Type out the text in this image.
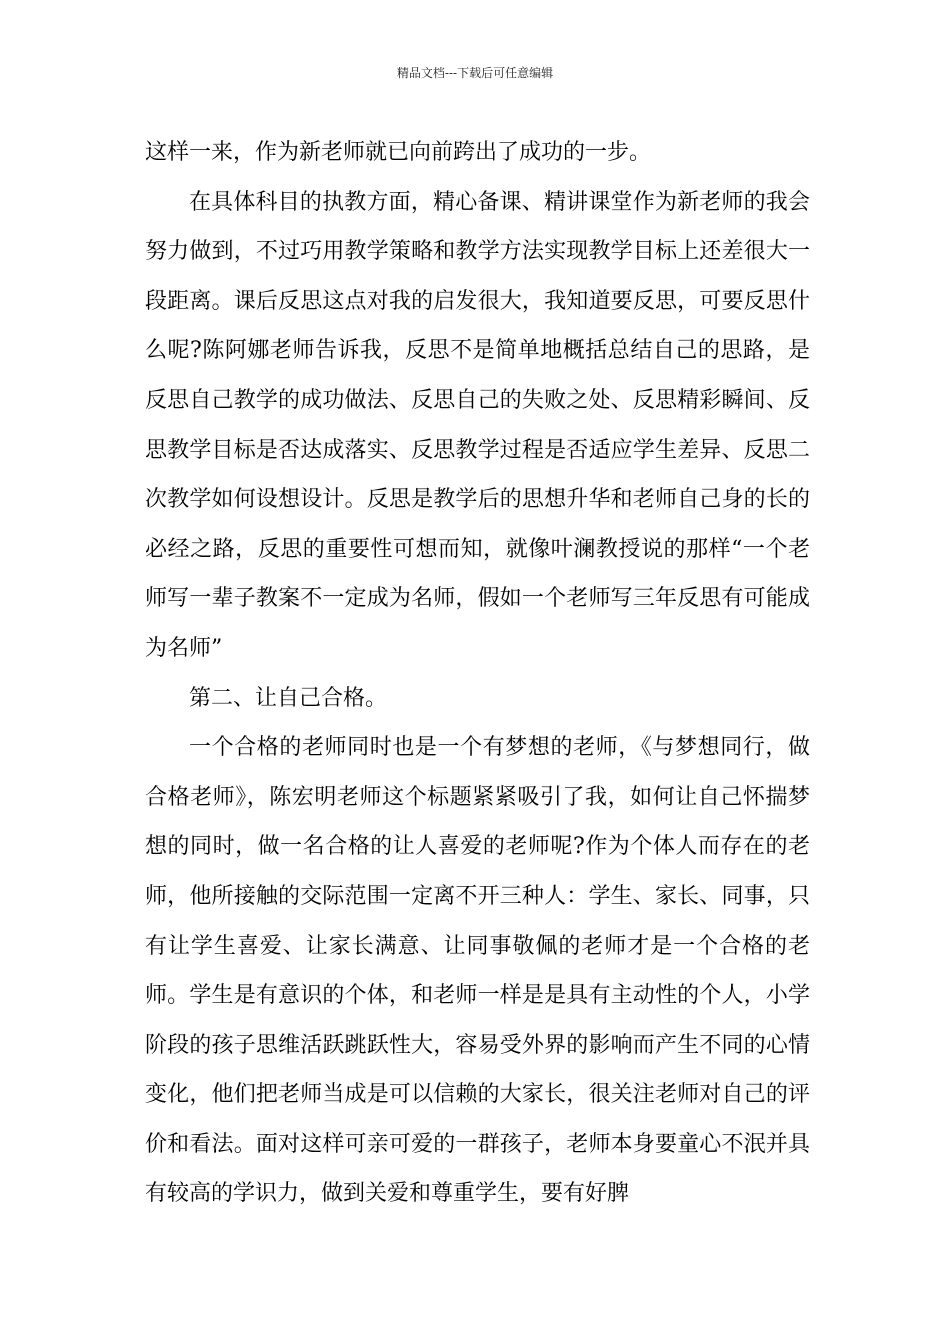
精品文档---下载后可任意编辑

这样一来，作为新老师就已向前跨出了成功的一步。

在具体科目的执教方面，精心备课、精讲课堂作为新老师的我会努力做到，不过巧用教学策略和教学方法实现教学目标上还差很大一段距离。课后反思这点对我的启发很大，我知道要反思，可要反思什么呢?陈阿娜老师告诉我，反思不是简单地概括总结自己的思路，是反思自己教学的成功做法、反思自己的失败之处、反思精彩瞬间、反思教学目标是否达成落实、反思教学过程是否适应学生差异、反思二次教学如何设想设计。反思是教学后的思想升华和老师自己身的长的必经之路，反思的重要性可想而知，就像叶澜教授说的那样“一个老师写一辈子教案不一定成为名师，假如一个老师写三年反思有可能成为名师”

第二、让自己合格。

一个合格的老师同时也是一个有梦想的老师，《与梦想同行，做合格老师》，陈宏明老师这个标题紧紧吸引了我，如何让自己怀揣梦想的同时，做一名合格的让人喜爱的老师呢?作为个体人而存在的老师，他所接触的交际范围一定离不开三种人：学生、家长、同事，只有让学生喜爱、让家长满意、让同事敬佩的老师才是一个合格的老师。学生是有意识的个体，和老师一样是是具有主动性的个人，小学阶段的孩子思维活跃跳跃性大，容易受外界的影响而产生不同的心情变化，他们把老师当成是可以信赖的大家长，很关注老师对自己的评价和看法。面对这样可亲可爱的一群孩子，老师本身要童心不泯并具有较高的学识力，做到关爱和尊重学生，要有好脾
